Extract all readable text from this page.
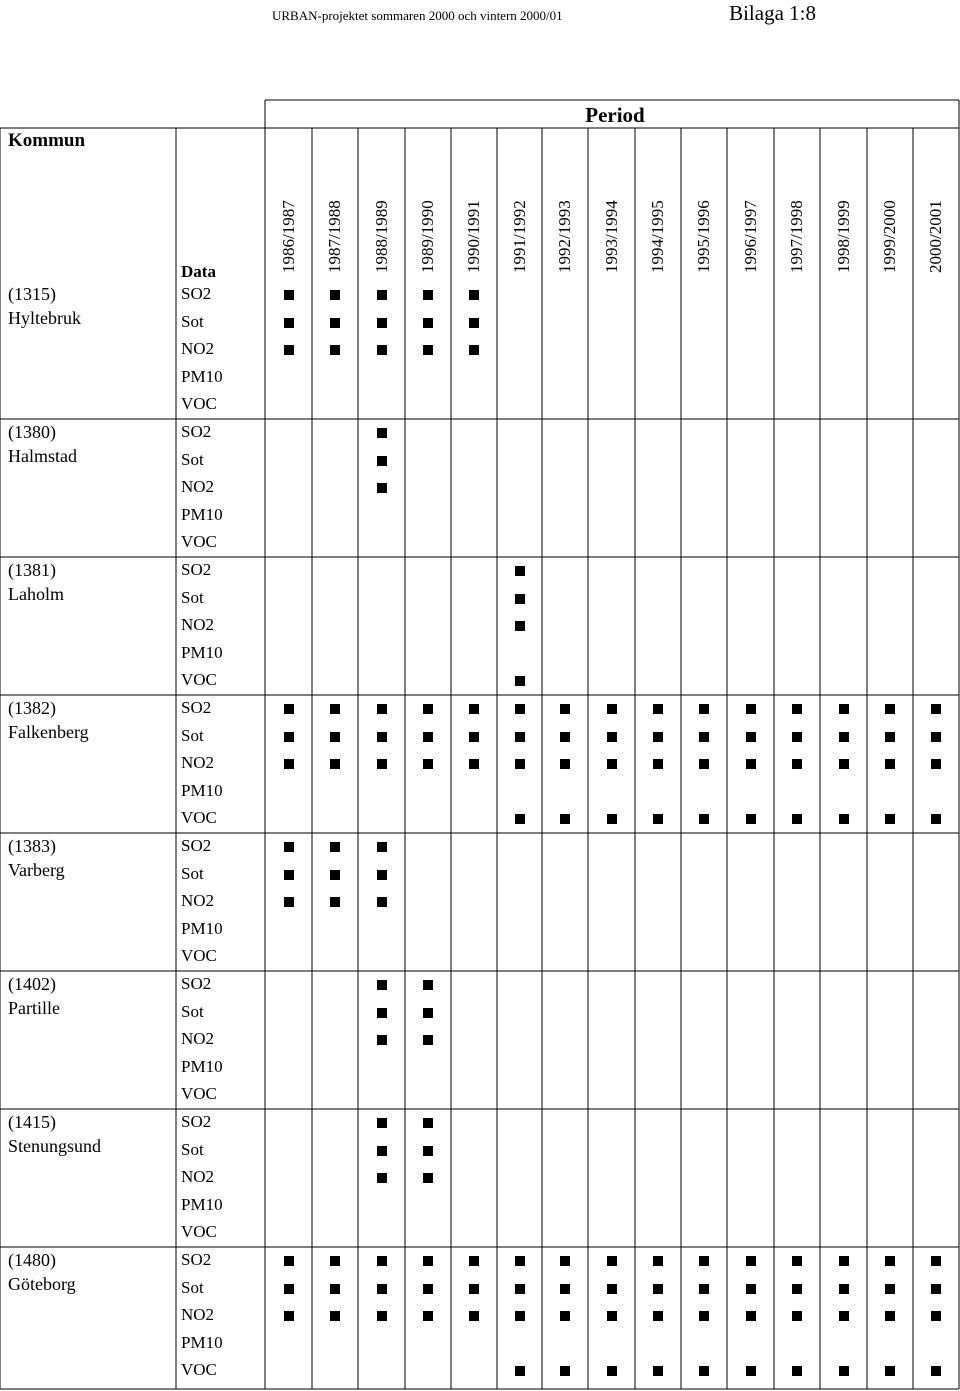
URBAN-projektet sommaren 2000 och vintern 2000/01	Bilaga 1:8
Period
Kommun
Data	1986/1987 1987/1988 1988/1989 1989/1990 1990/1991 1991/1992 1992/1993 1993/1994 1994/1995 1995/1996 1996/1997 1997/1998 1998/1999 1999/2000 2000/2001
(1315)
Hyltebruk
SO2
Sot
NO2
PM10
VOC
(1380)
Halmstad
SO2
Sot
NO2
PM10
VOC
(1381)
Laholm
SO2
Sot
NO2
PM10
VOC
(1382)
Falkenberg
SO2
Sot
NO2
PM10
VOC
(1383)
Varberg
SO2
Sot
NO2
PM10
VOC
(1402)
Partille
SO2
Sot
NO2
PM10
VOC
(1415)
Stenungsund
SO2
Sot
NO2
PM10
VOC
(1480)
Göteborg
SO2
Sot
NO2
PM10
VOC
